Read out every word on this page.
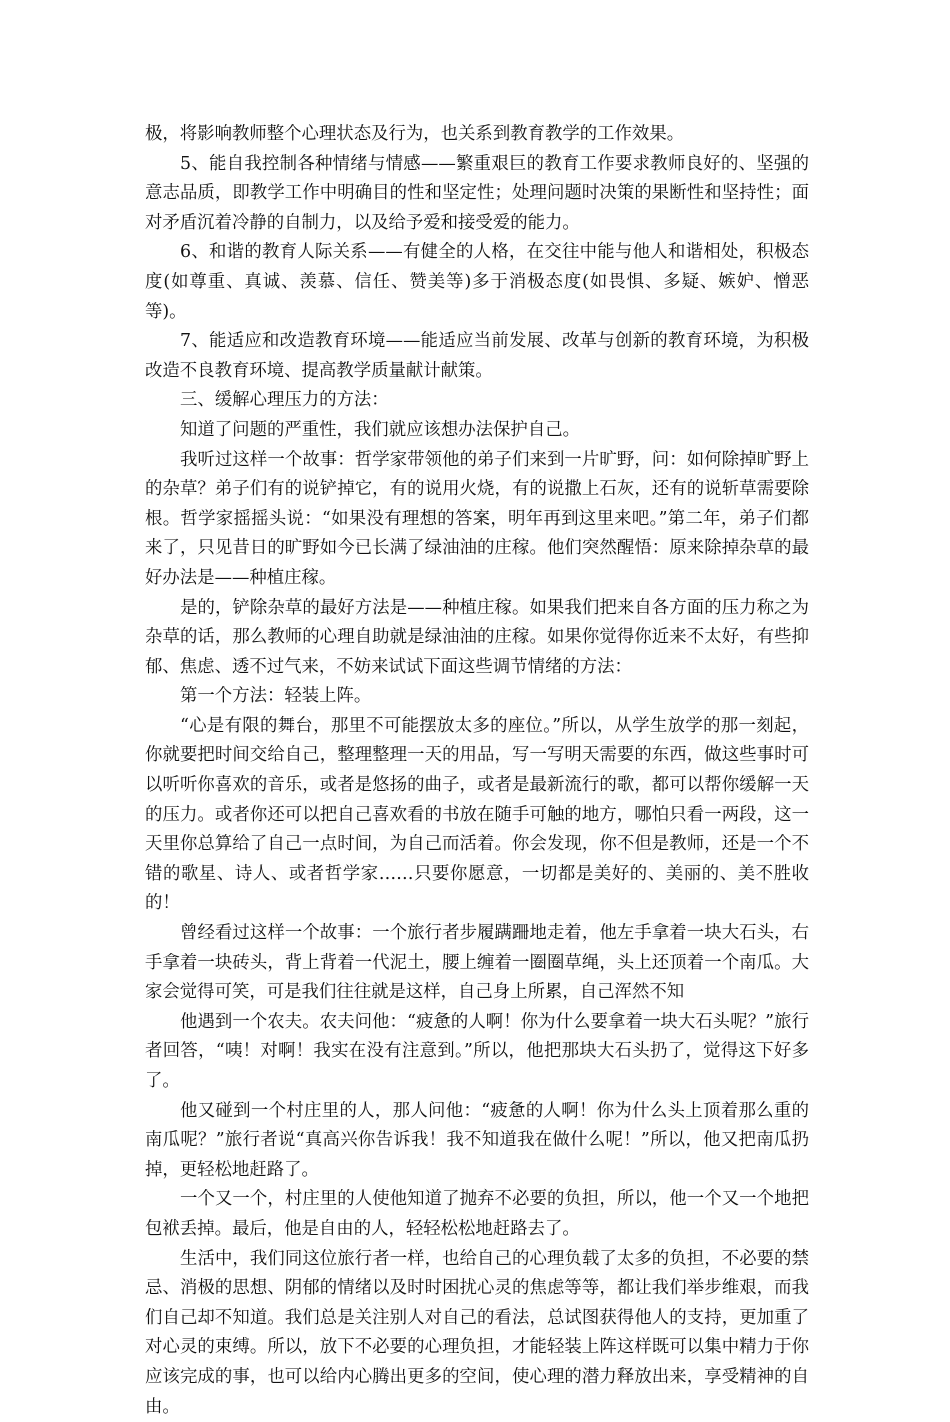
极，将影响教师整个心理状态及行为，也关系到教育教学的工作效果。

5、能自我控制各种情绪与情感——繁重艰巨的教育工作要求教师良好的、坚强的意志品质，即教学工作中明确目的性和坚定性；处理问题时决策的果断性和坚持性；面对矛盾沉着冷静的自制力，以及给予爱和接受爱的能力。

6、和谐的教育人际关系——有健全的人格，在交往中能与他人和谐相处，积极态度(如尊重、真诚、羡慕、信任、赞美等)多于消极态度(如畏惧、多疑、嫉妒、憎恶等)。

7、能适应和改造教育环境——能适应当前发展、改革与创新的教育环境，为积极改造不良教育环境、提高教学质量献计献策。

三、缓解心理压力的方法：

知道了问题的严重性，我们就应该想办法保护自己。

我听过这样一个故事：哲学家带领他的弟子们来到一片旷野，问：如何除掉旷野上的杂草？弟子们有的说铲掉它，有的说用火烧，有的说撒上石灰，还有的说斩草需要除根。哲学家摇摇头说：“如果没有理想的答案，明年再到这里来吧。”第二年，弟子们都来了，只见昔日的旷野如今已长满了绿油油的庄稼。他们突然醒悟：原来除掉杂草的最好办法是——种植庄稼。

是的，铲除杂草的最好方法是——种植庄稼。如果我们把来自各方面的压力称之为杂草的话，那么教师的心理自助就是绿油油的庄稼。如果你觉得你近来不太好，有些抑郁、焦虑、透不过气来，不妨来试试下面这些调节情绪的方法：

第一个方法：轻装上阵。

“心是有限的舞台，那里不可能摆放太多的座位。”所以，从学生放学的那一刻起，你就要把时间交给自己，整理整理一天的用品，写一写明天需要的东西，做这些事时可以听听你喜欢的音乐，或者是悠扬的曲子，或者是最新流行的歌，都可以帮你缓解一天的压力。或者你还可以把自己喜欢看的书放在随手可触的地方，哪怕只看一两段，这一天里你总算给了自己一点时间，为自己而活着。你会发现，你不但是教师，还是一个不错的歌星、诗人、或者哲学家……只要你愿意，一切都是美好的、美丽的、美不胜收的！

曾经看过这样一个故事：一个旅行者步履蹒跚地走着，他左手拿着一块大石头，右手拿着一块砖头，背上背着一代泥土，腰上缠着一圈圈草绳，头上还顶着一个南瓜。大家会觉得可笑，可是我们往往就是这样，自己身上所累，自己浑然不知

他遇到一个农夫。农夫问他：“疲惫的人啊！你为什么要拿着一块大石头呢？”旅行者回答，“咦！对啊！我实在没有注意到。”所以，他把那块大石头扔了，觉得这下好多了。

他又碰到一个村庄里的人，那人问他：“疲惫的人啊！你为什么头上顶着那么重的南瓜呢？”旅行者说“真高兴你告诉我！我不知道我在做什么呢！”所以，他又把南瓜扔掉，更轻松地赶路了。

一个又一个，村庄里的人使他知道了抛弃不必要的负担，所以，他一个又一个地把包袱丢掉。最后，他是自由的人，轻轻松松地赶路去了。

生活中，我们同这位旅行者一样，也给自己的心理负载了太多的负担，不必要的禁忌、消极的思想、阴郁的情绪以及时时困扰心灵的焦虑等等，都让我们举步维艰，而我们自己却不知道。我们总是关注别人对自己的看法，总试图获得他人的支持，更加重了对心灵的束缚。所以，放下不必要的心理负担，才能轻装上阵这样既可以集中精力于你应该完成的事，也可以给内心腾出更多的空间，使心理的潜力释放出来，享受精神的自由。
